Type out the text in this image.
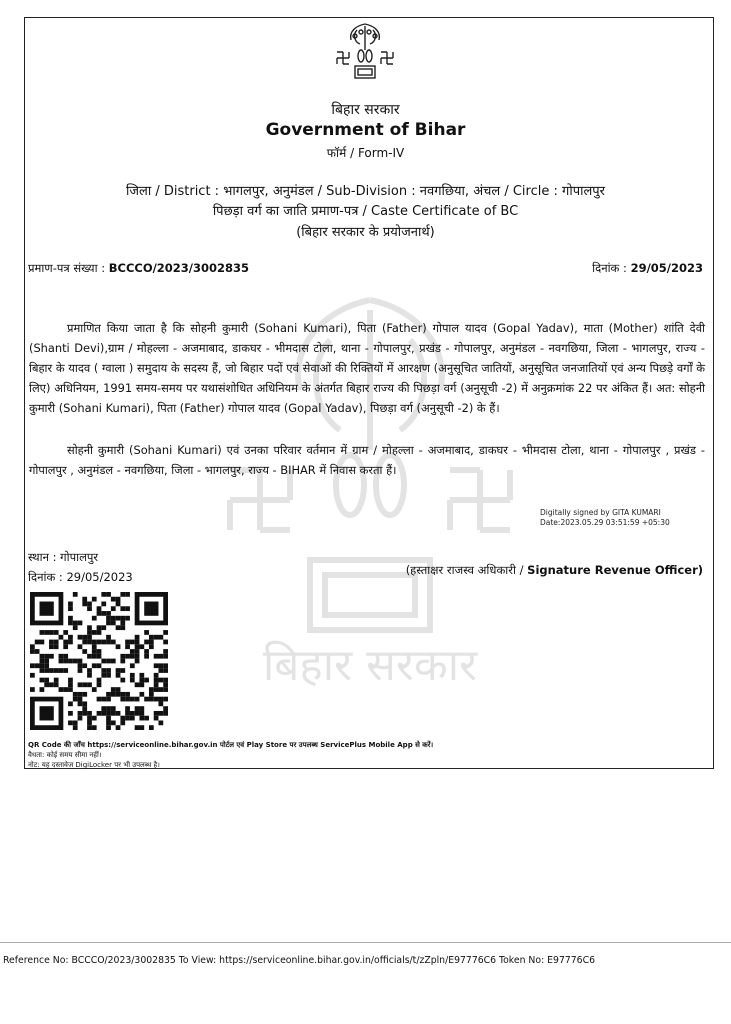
बिहार सरकार
बिहार सरकार
Government of Bihar
फॉर्म / Form-IV
जिला / District : भागलपुर, अनुमंडल / Sub-Division : नवगछिया, अंचल / Circle : गोपालपुर
पिछड़ा वर्ग का जाति प्रमाण-पत्र / Caste Certificate of BC
(बिहार सरकार के प्रयोजनार्थ)
प्रमाण-पत्र संख्या : BCCCO/2023/3002835	दिनांक : 29/05/2023

प्रमाणित किया जाता है कि सोहनी कुमारी (Sohani Kumari), पिता (Father) गोपाल यादव (Gopal Yadav), माता (Mother) शांति देवी (Shanti Devi),ग्राम / मोहल्ला - अजमाबाद, डाकघर - भीमदास टोला, थाना - गोपालपुर, प्रखंड - गोपालपुर, अनुमंडल - नवगछिया, जिला - भागलपुर, राज्य - बिहार के यादव ( ग्वाला ) समुदाय के सदस्य हैं, जो बिहार पदों एवं सेवाओं की रिक्तियों में आरक्षण (अनुसूचित जातियों, अनुसूचित जनजातियों एवं अन्य पिछड़े वर्गों के लिए) अधिनियम, 1991 समय-समय पर यथासंशोधित अधिनियम के अंतर्गत बिहार राज्य की पिछड़ा वर्ग (अनुसूची -2) में अनुक्रमांक 22 पर अंकित हैं। अत: सोहनी कुमारी (Sohani Kumari), पिता (Father) गोपाल यादव (Gopal Yadav), पिछड़ा वर्ग (अनुसूची -2) के हैं।

सोहनी कुमारी (Sohani Kumari) एवं उनका परिवार वर्तमान में ग्राम / मोहल्ला - अजमाबाद, डाकघर - भीमदास टोला, थाना - गोपालपुर , प्रखंड - गोपालपुर , अनुमंडल - नवगछिया, जिला - भागलपुर, राज्य - BIHAR में निवास करता हैं।

Digitally signed by GITA KUMARI
Date:2023.05.29 03:51:59 +05:30
स्थान : गोपालपुर
दिनांक : 29/05/2023	(हस्ताक्षर राजस्व अधिकारी / Signature Revenue Officer)
QR Code की जाँच https://serviceonline.bihar.gov.in पोर्टल एवं Play Store पर उपलब्ध ServicePlus Mobile App से करें।
वैधता: कोई समय सीमा नहीं।
नोट: यह दस्तावेज DigiLocker पर भी उपलब्ध है।
Reference No: BCCCO/2023/3002835 To View: https://serviceonline.bihar.gov.in/officials/t/zZpln/E97776C6 Token No: E97776C6
